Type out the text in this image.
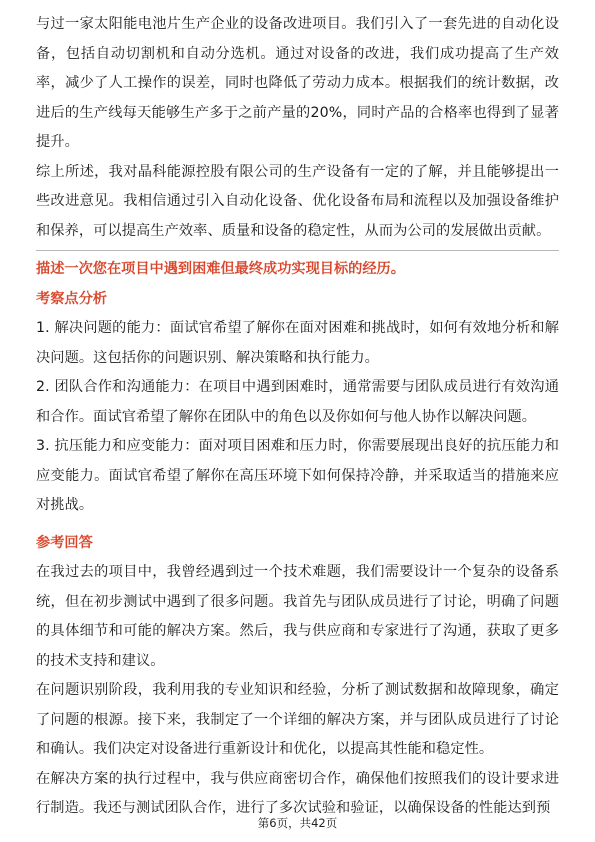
与过一家太阳能电池片生产企业的设备改进项目。我们引入了一套先进的自动化设备，包括自动切割机和自动分选机。通过对设备的改进，我们成功提高了生产效率，减少了人工操作的误差，同时也降低了劳动力成本。根据我们的统计数据，改进后的生产线每天能够生产多于之前产量的20%，同时产品的合格率也得到了显著提升。

综上所述，我对晶科能源控股有限公司的生产设备有一定的了解，并且能够提出一些改进意见。我相信通过引入自动化设备、优化设备布局和流程以及加强设备维护和保养，可以提高生产效率、质量和设备的稳定性，从而为公司的发展做出贡献。

描述一次您在项目中遇到困难但最终成功实现目标的经历。

考察点分析

1. 解决问题的能力：面试官希望了解你在面对困难和挑战时，如何有效地分析和解决问题。这包括你的问题识别、解决策略和执行能力。

2. 团队合作和沟通能力：在项目中遇到困难时，通常需要与团队成员进行有效沟通和合作。面试官希望了解你在团队中的角色以及你如何与他人协作以解决问题。

3. 抗压能力和应变能力：面对项目困难和压力时，你需要展现出良好的抗压能力和应变能力。面试官希望了解你在高压环境下如何保持冷静，并采取适当的措施来应对挑战。

参考回答

在我过去的项目中，我曾经遇到过一个技术难题，我们需要设计一个复杂的设备系统，但在初步测试中遇到了很多问题。我首先与团队成员进行了讨论，明确了问题的具体细节和可能的解决方案。然后，我与供应商和专家进行了沟通，获取了更多的技术支持和建议。

在问题识别阶段，我利用我的专业知识和经验，分析了测试数据和故障现象，确定了问题的根源。接下来，我制定了一个详细的解决方案，并与团队成员进行了讨论和确认。我们决定对设备进行重新设计和优化，以提高其性能和稳定性。

在解决方案的执行过程中，我与供应商密切合作，确保他们按照我们的设计要求进行制造。我还与测试团队合作，进行了多次试验和验证，以确保设备的性能达到预

第6页，共42页
